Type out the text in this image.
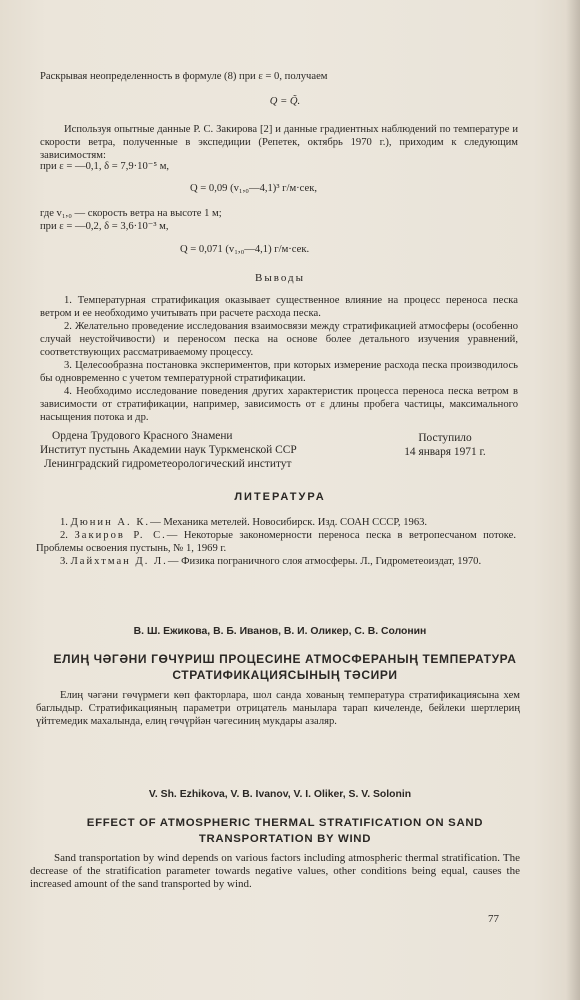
Раскрывая неопределенность в формуле (8) при ε = 0, получаем
Q = Q̃.
Используя опытные данные Р. С. Закирова [2] и данные градиентных наблюдений по температуре и скорости ветра, полученные в экспедиции (Репетек, октябрь 1970 г.), приходим к следующим зависимостям:
при ε = —0,1, δ = 7,9·10⁻⁵ м,
Q = 0,09 (v₁,₀—4,1)³ г/м·сек,
где v₁,₀ — скорость ветра на высоте 1 м;
при ε = —0,2, δ = 3,6·10⁻³ м,
Q = 0,071 (v₁,₀—4,1) г/м·сек.
Выводы
1. Температурная стратификация оказывает существенное влияние на процесс переноса песка ветром и ее необходимо учитывать при расчете расхода песка.
2. Желательно проведение исследования взаимосвязи между стратификацией атмосферы (особенно случай неустойчивости) и переносом песка на основе более детального изучения уравнений, соответствующих рассматриваемому процессу.
3. Целесообразна постановка экспериментов, при которых измерение расхода песка производилось бы одновременно с учетом температурной стратификации.
4. Необходимо исследование поведения других характеристик процесса переноса песка ветром в зависимости от стратификации, например, зависимость от ε длины пробега частицы, максимального насыщения потока и др.
Ордена Трудового Красного Знамени
Институт пустынь Академии наук Туркменской ССР
Ленинградский гидрометеорологический институт
Поступило
14 января 1971 г.
ЛИТЕРАТУРА
1. Дюнин А. К.— Механика метелей. Новосибирск. Изд. СОАН СССР, 1963.
2. Закиров Р. С.— Некоторые закономерности переноса песка в ветропесчаном потоке. Проблемы освоения пустынь, № 1, 1969 г.
3. Лайхтман Д. Л.— Физика пограничного слоя атмосферы. Л., Гидрометеоиздат, 1970.
В. Ш. Ежикова, В. Б. Иванов, В. И. Оликер, С. В. Солонин
ЕЛИҢ ЧӘГӘНИ ГӨЧҮРИШ ПРОЦЕСИНЕ АТМОСФЕРАНЫҢ ТЕМПЕРАТУРА
СТРАТИФИКАЦИЯСЫНЫҢ ТӘСИРИ
Елиң чәгәни гөчүрмеги көп факторлара, шол санда хованың температура стратификациясына хем баглыдыр. Стратификацияның параметри отрицатель манылара тарап кичеленде, бейлеки шертлериң үйтгемедик махалында, елиң гөчүрйән чәгесиниң мукдары азаляр.
V. Sh. Ezhikova, V. B. Ivanov, V. I. Oliker, S. V. Solonin
EFFECT OF ATMOSPHERIC THERMAL STRATIFICATION ON SAND
TRANSPORTATION BY WIND
Sand transportation by wind depends on various factors including atmospheric thermal stratification. The decrease of the stratification parameter towards negative values, other conditions being equal, causes the increased amount of the sand transported by wind.
77
